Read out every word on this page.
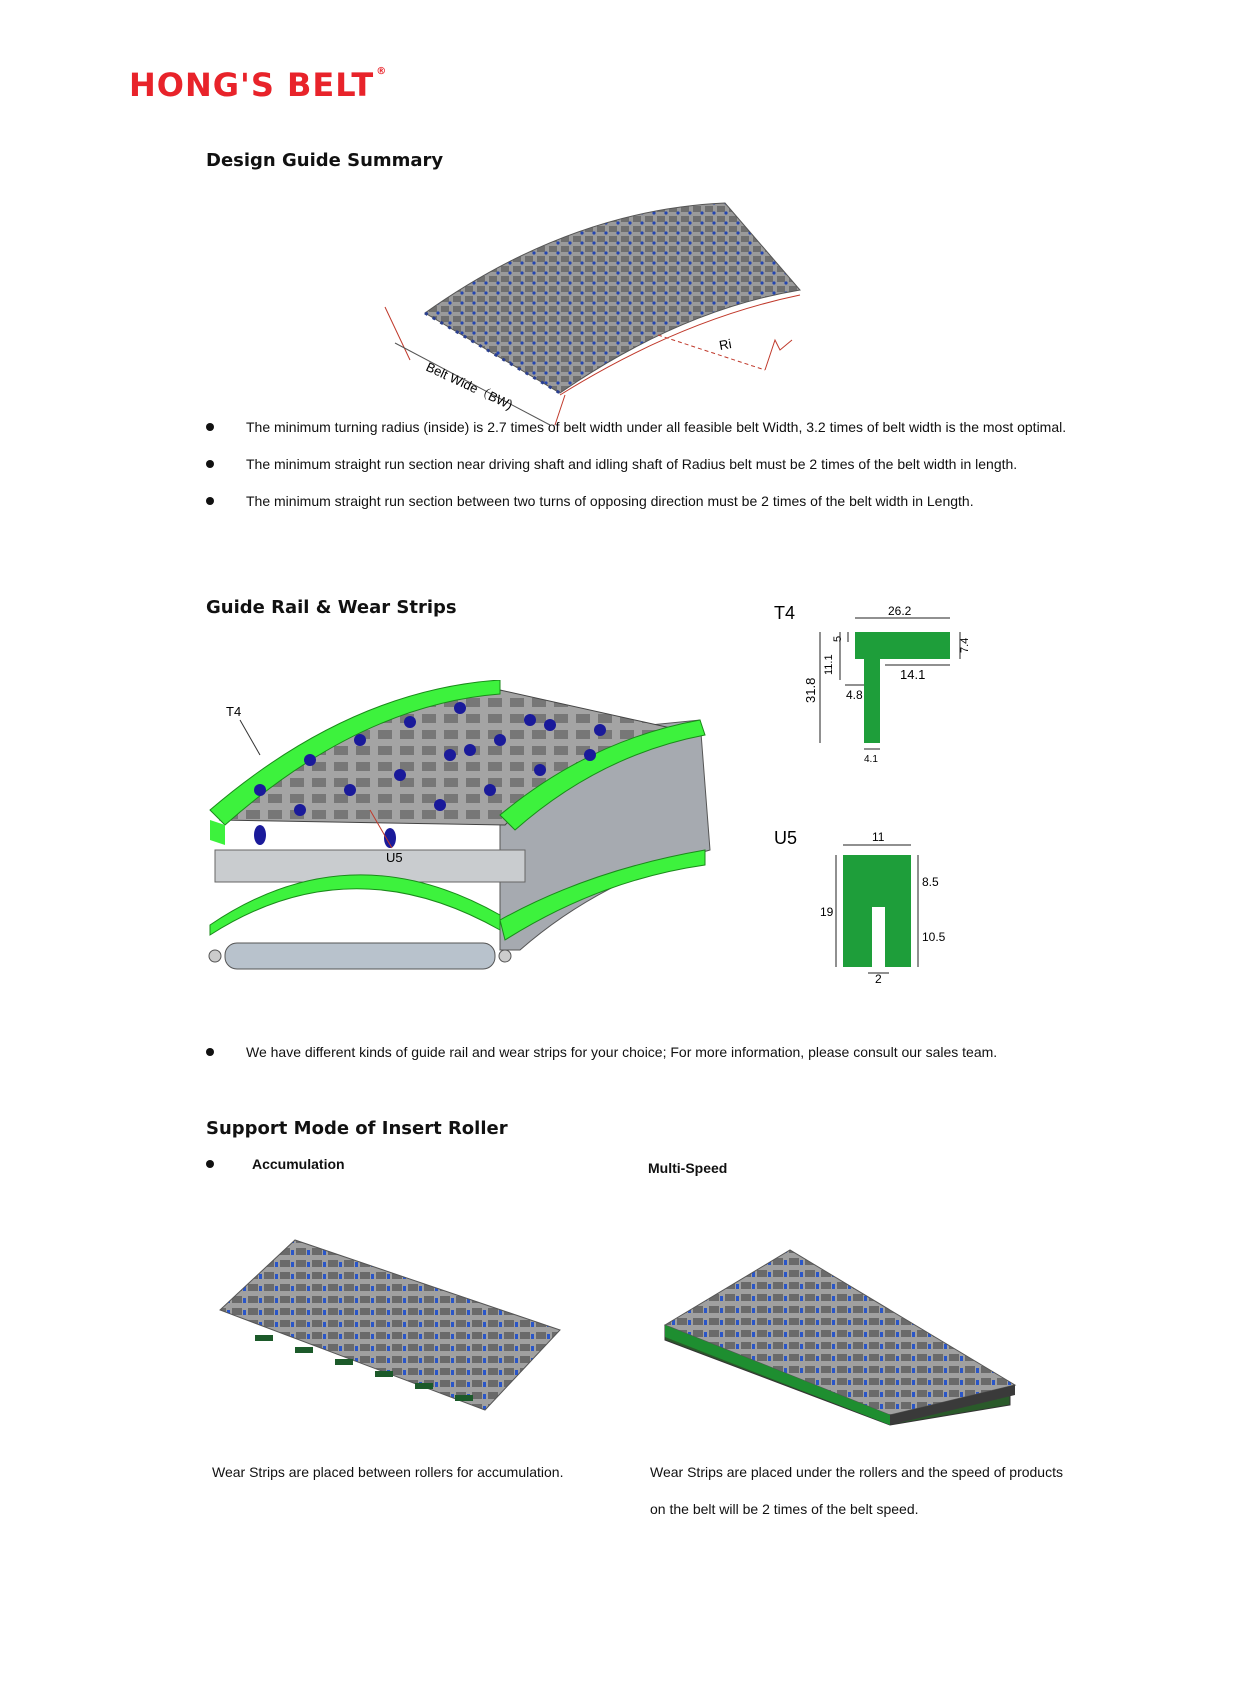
HONG'S BELT ®
Design Guide Summary
Belt Wide（BW)
Ri
The minimum turning radius (inside) is 2.7 times of belt width under all feasible belt Width, 3.2 times of belt width is the most optimal.
The minimum straight run section near driving shaft and idling shaft of Radius belt must be 2 times of the belt width in length.
The minimum straight run section between two turns of opposing direction must be 2 times of the belt width in Length.
Guide Rail & Wear Strips
T4
U5
T4	26.2
5	7.4
11.1	14.1
31.8 4.8
4.1
U5	11
8.5
19
10.5
2
We have different kinds of guide rail and wear strips for your choice; For more information, please consult our sales team.
Support Mode of Insert Roller
Accumulation	Multi-Speed
Wear Strips are placed between rollers for accumulation.	Wear Strips are placed under the rollers and the speed of products
on the belt will be 2 times of the belt speed.
